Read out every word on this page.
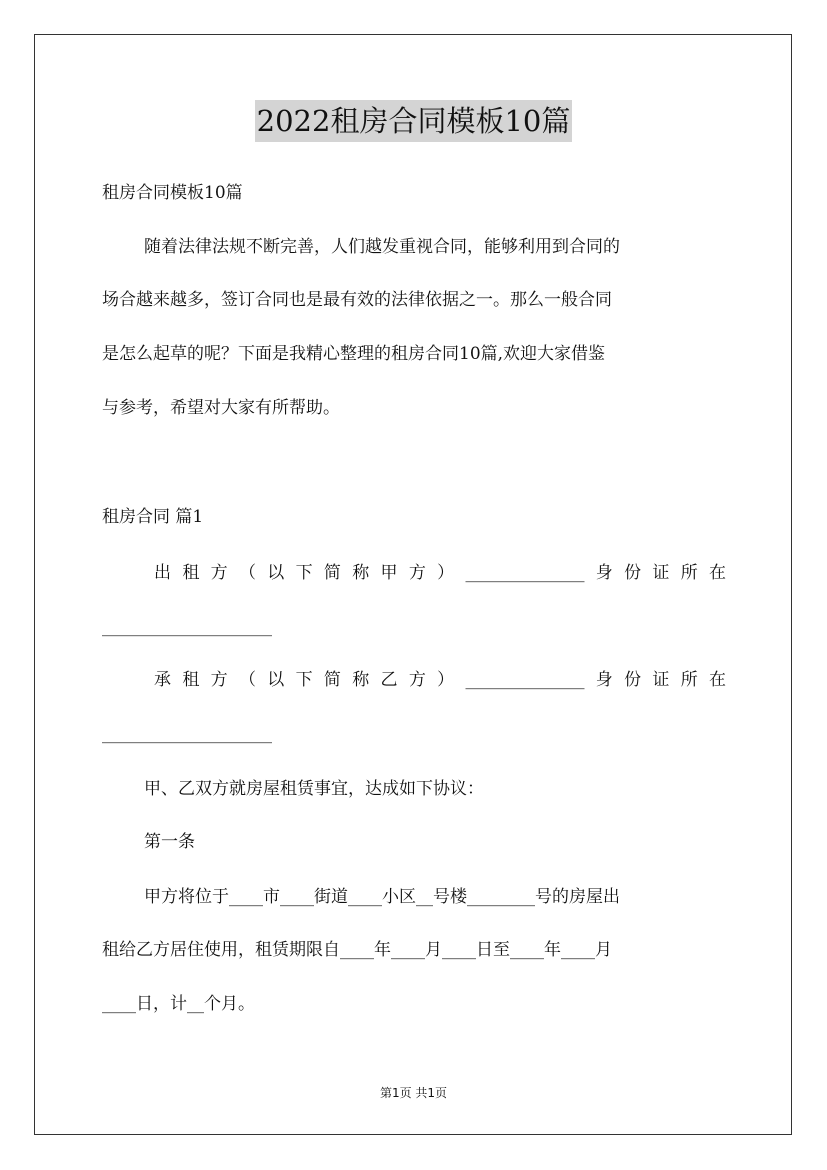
2022租房合同模板10篇
租房合同模板10篇
随着法律法规不断完善，人们越发重视合同，能够利用到合同的
场合越来越多，签订合同也是最有效的法律依据之一。那么一般合同
是怎么起草的呢？下面是我精心整理的租房合同10篇,欢迎大家借鉴
与参考，希望对大家有所帮助。
租房合同 篇1
出 租 方 （ 以 下 简 称 甲 方 ） ______________ 身 份 证 所 在
____________________
承 租 方 （ 以 下 简 称 乙 方 ） ______________ 身 份 证 所 在
____________________
甲、乙双方就房屋租赁事宜，达成如下协议：
第一条
甲方将位于____市____街道____小区__号楼________号的房屋出
租给乙方居住使用，租赁期限自____年____月____日至____年____月
____日，计__个月。
第1页 共1页
